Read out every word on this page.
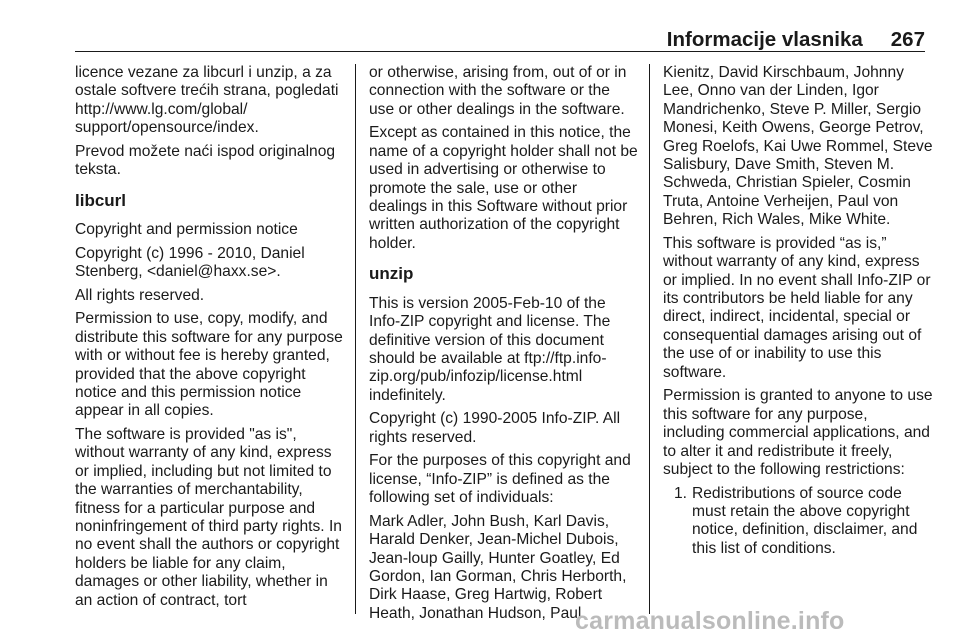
Informacije vlasnika 267

licence vezane za libcurl i unzip, a za ostale softvere trećih strana, pogledati http://www.lg.com/global/ support/opensource/index.

Prevod možete naći ispod originalnog teksta.

libcurl

Copyright and permission notice

Copyright (c) 1996 - 2010, Daniel Stenberg, <daniel@haxx.se>.

All rights reserved.

Permission to use, copy, modify, and distribute this software for any purpose with or without fee is hereby granted, provided that the above copyright notice and this permission notice appear in all copies.

The software is provided "as is", without warranty of any kind, express or implied, including but not limited to the warranties of merchantability, fitness for a particular purpose and noninfringement of third party rights. In no event shall the authors or copyright holders be liable for any claim, damages or other liability, whether in an action of contract, tort

or otherwise, arising from, out of or in connection with the software or the use or other dealings in the software.

Except as contained in this notice, the name of a copyright holder shall not be used in advertising or otherwise to promote the sale, use or other dealings in this Software without prior written authorization of the copyright holder.

unzip

This is version 2005-Feb-10 of the Info-ZIP copyright and license. The definitive version of this document should be available at ftp://ftp.info-zip.org/pub/infozip/license.html indefinitely.

Copyright (c) 1990-2005 Info-ZIP. All rights reserved.

For the purposes of this copyright and license, “Info-ZIP” is defined as the following set of individuals:

Mark Adler, John Bush, Karl Davis, Harald Denker, Jean-Michel Dubois, Jean-loup Gailly, Hunter Goatley, Ed Gordon, Ian Gorman, Chris Herborth, Dirk Haase, Greg Hartwig, Robert Heath, Jonathan Hudson, Paul

Kienitz, David Kirschbaum, Johnny Lee, Onno van der Linden, Igor Mandrichenko, Steve P. Miller, Sergio Monesi, Keith Owens, George Petrov, Greg Roelofs, Kai Uwe Rommel, Steve Salisbury, Dave Smith, Steven M. Schweda, Christian Spieler, Cosmin Truta, Antoine Verheijen, Paul von Behren, Rich Wales, Mike White.

This software is provided “as is,” without warranty of any kind, express or implied. In no event shall Info-ZIP or its contributors be held liable for any direct, indirect, incidental, special or consequential damages arising out of the use of or inability to use this software.

Permission is granted to anyone to use this software for any purpose, including commercial applications, and to alter it and redistribute it freely, subject to the following restrictions:

1. Redistributions of source code must retain the above copyright notice, definition, disclaimer, and this list of conditions.
carmanualsonline.info
